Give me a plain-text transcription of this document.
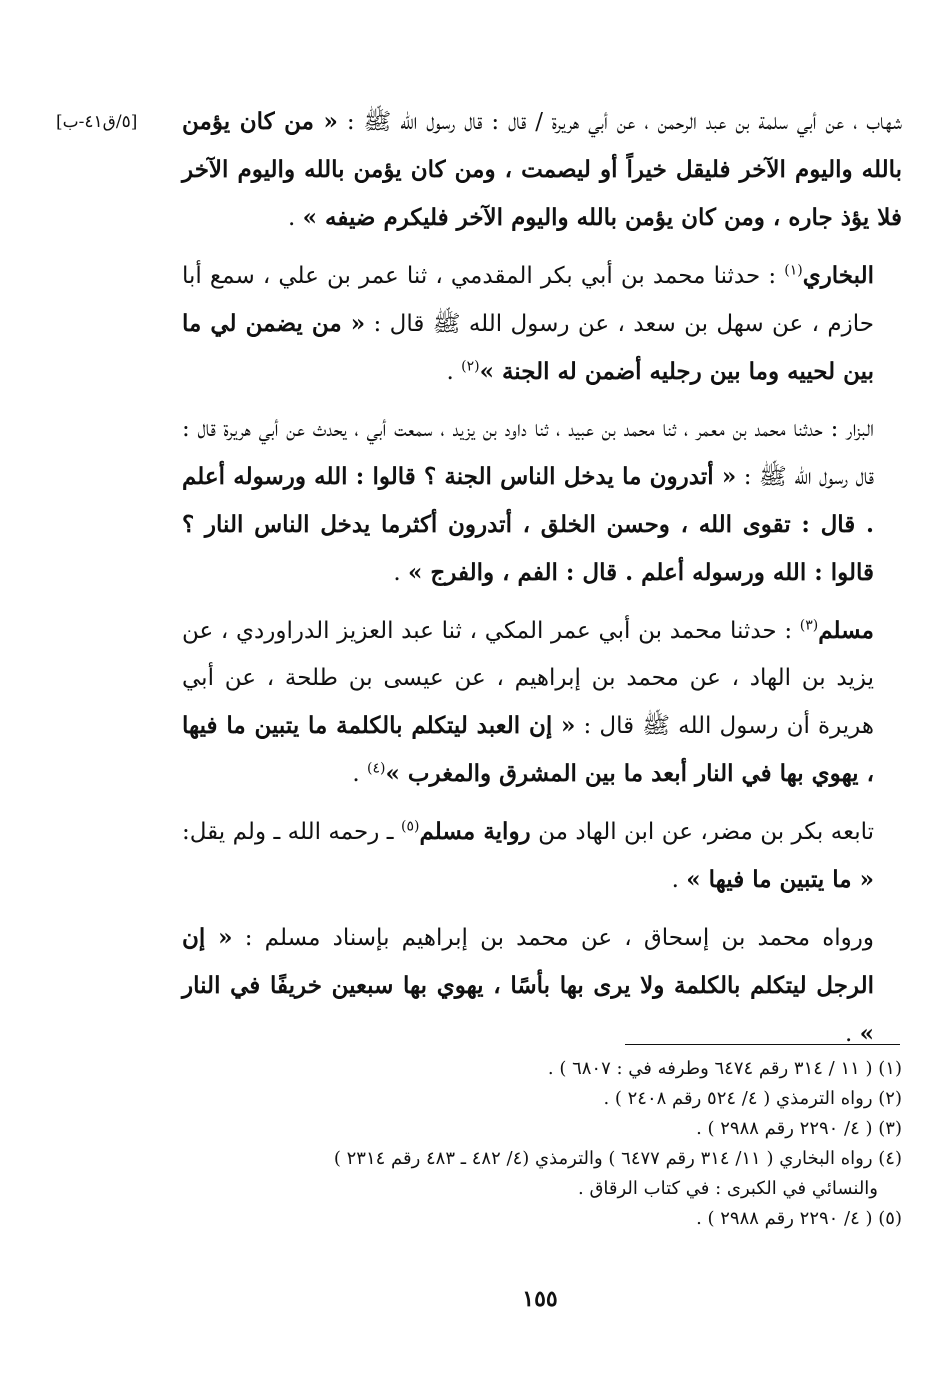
[٥/ق٤١-ب]	شهاب ، عن أبي سلمة بن عبد الرحمن ، عن أبي هريرة / قال : قال رسول الله ﷺ : « من كان يؤمن بالله واليوم الآخر فليقل خيراً أو ليصمت ، ومن كان يؤمن بالله واليوم الآخر فلا يؤذ جاره ، ومن كان يؤمن بالله واليوم الآخر فليكرم ضيفه » .

البخاري$^{(١)}$ : حدثنا محمد بن أبي بكر المقدمي ، ثنا عمر بن علي ، سمع أبا حازم ، عن سهل بن سعد ، عن رسول الله ﷺ قال : « من يضمن لي ما بين لحييه وما بين رجليه أضمن له الجنة »$^{(٢)}$ .

البزار : حدثنا محمد بن معمر ، ثنا محمد بن عبيد ، ثنا داود بن يزيد ، سمعت أبي ، يحدث عن أبي هريرة قال : قال رسول الله ﷺ : « أتدرون ما يدخل الناس الجنة ؟ قالوا : الله ورسوله أعلم . قال : تقوى الله ، وحسن الخلق ، أتدرون أكثرما يدخل الناس النار ؟ قالوا : الله ورسوله أعلم . قال : الفم ، والفرج » .

مسلم$^{(٣)}$ : حدثنا محمد بن أبي عمر المكي ، ثنا عبد العزيز الدراوردي ، عن يزيد بن الهاد ، عن محمد بن إبراهيم ، عن عيسى بن طلحة ، عن أبي هريرة أن رسول الله ﷺ قال : « إن العبد ليتكلم بالكلمة ما يتبين ما فيها ، يهوي بها في النار أبعد ما بين المشرق والمغرب »$^{(٤)}$ .

تابعه بكر بن مضر، عن ابن الهاد من رواية مسلم$^{(٥)}$ ـ رحمه الله ـ ولم يقل: « ما يتبين ما فيها » .

ورواه محمد بن إسحاق ، عن محمد بن إبراهيم بإسناد مسلم : « إن الرجل ليتكلم بالكلمة ولا يرى بها بأسًا ، يهوي بها سبعين خريفًا في النار » .

(١) ( ١١ / ٣١٤ رقم ٦٤٧٤ وطرفه في : ٦٨٠٧ ) .
(٢) رواه الترمذي ( ٤/ ٥٢٤ رقم ٢٤٠٨ ) .
(٣) ( ٤/ ٢٢٩٠ رقم ٢٩٨٨ ) .
(٤) رواه البخاري ( ١١/ ٣١٤ رقم ٦٤٧٧ ) والترمذي (٤/ ٤٨٢ ـ ٤٨٣ رقم ٢٣١٤ )
والنسائي في الكبرى : في كتاب الرقاق .
(٥) ( ٤/ ٢٢٩٠ رقم ٢٩٨٨ ) .
١٥٥
